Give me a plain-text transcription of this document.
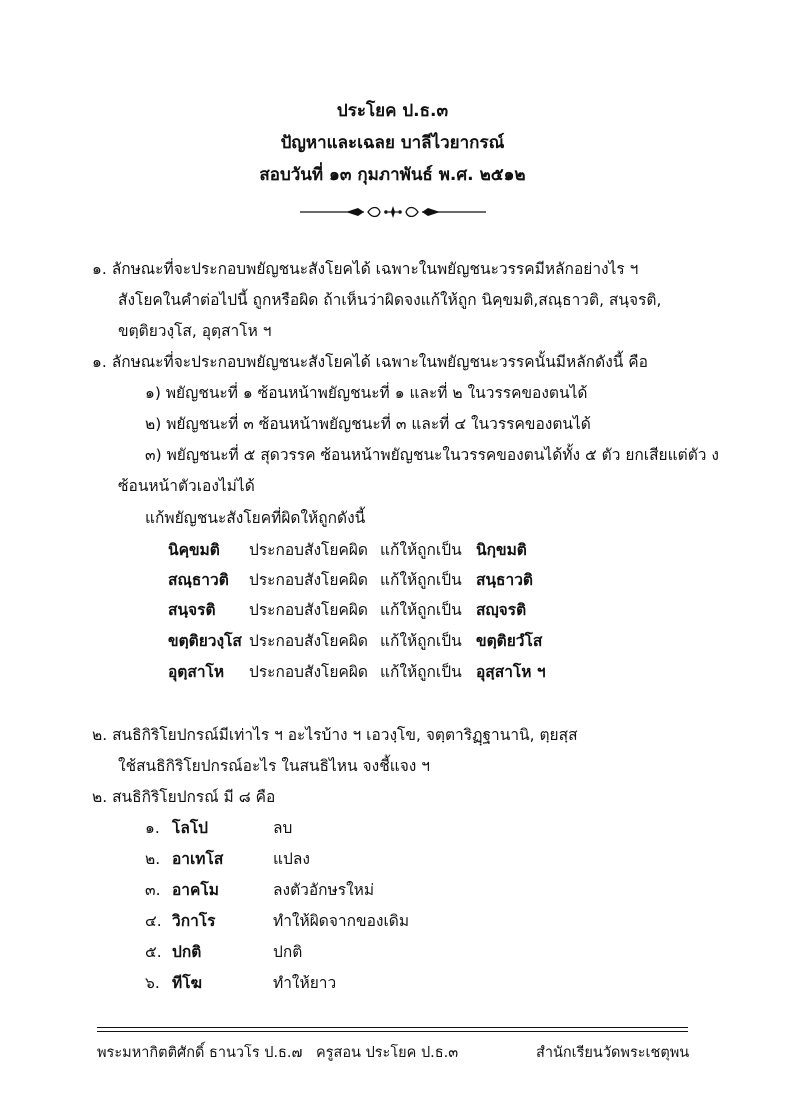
ประโยค ป.ธ.๓
ปัญหาและเฉลย บาลีไวยากรณ์
สอบวันที่ ๑๓ กุมภาพันธ์ พ.ศ. ๒๕๑๒
๑. ลักษณะที่จะประกอบพยัญชนะสังโยคได้ เฉพาะในพยัญชนะวรรคมีหลักอย่างไร ฯ
สังโยคในคำต่อไปนี้ ถูกหรือผิด ถ้าเห็นว่าผิดจงแก้ให้ถูก นิคฺขมติ,สณฺธาวติ, สนฺจรติ,
ขตฺติยวงฺโส, อุตฺสาโห ฯ
๑. ลักษณะที่จะประกอบพยัญชนะสังโยคได้ เฉพาะในพยัญชนะวรรคนั้นมีหลักดังนี้ คือ
๑) พยัญชนะที่ ๑ ซ้อนหน้าพยัญชนะที่ ๑ และที่ ๒ ในวรรคของตนได้
๒) พยัญชนะที่ ๓ ซ้อนหน้าพยัญชนะที่ ๓ และที่ ๔ ในวรรคของตนได้
๓) พยัญชนะที่ ๕ สุดวรรค ซ้อนหน้าพยัญชนะในวรรคของตนได้ทั้ง ๕ ตัว ยกเสียแต่ตัว ง
ซ้อนหน้าตัวเองไม่ได้
แก้พยัญชนะสังโยคที่ผิดให้ถูกดังนี้
นิคฺขมติ ประกอบสังโยคผิด แก้ให้ถูกเป็น นิกฺขมติ
สณฺธาวติ ประกอบสังโยคผิด แก้ให้ถูกเป็น สนฺธาวติ
สนฺจรติ ประกอบสังโยคผิด แก้ให้ถูกเป็น สญฺจรติ
ขตฺติยวงฺโส ประกอบสังโยคผิด แก้ให้ถูกเป็น ขตฺติยวํโส
อุตฺสาโห ประกอบสังโยคผิด แก้ให้ถูกเป็น อุสฺสาโห ฯ
๒. สนธิกิริโยปกรณ์มีเท่าไร ฯ อะไรบ้าง ฯ เอวงฺโข, จตฺตาริฏฺฐานานิ, ตฺยสฺส
ใช้สนธิกิริโยปกรณ์อะไร ในสนธิไหน จงชี้แจง ฯ
๒. สนธิกิริโยปกรณ์ มี ๘ คือ
๑. โลโป	ลบ
๒. อาเทโส	แปลง
๓. อาคโม	ลงตัวอักษรใหม่
๔. วิกาโร	ทำให้ผิดจากของเดิม
๕. ปกติ	ปกติ
๖. ทีโฆ	ทำให้ยาว
พระมหากิตติศักดิ์ ธานวโร ป.ธ.๗ ครูสอน ประโยค ป.ธ.๓	สำนักเรียนวัดพระเชตุพน
